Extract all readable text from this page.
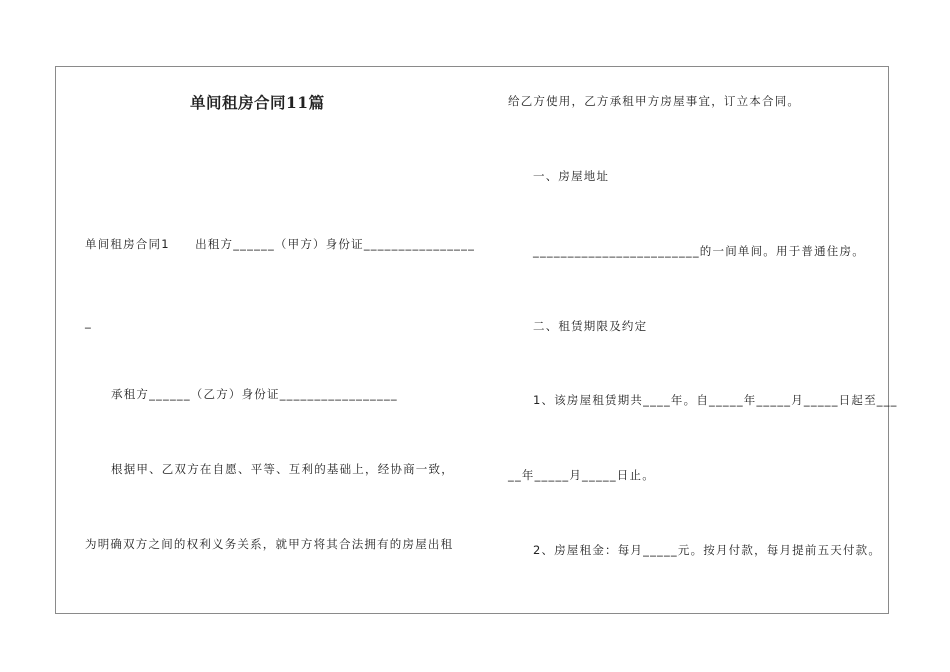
单间租房合同11篇
单间租房合同1　　出租方______（甲方）身份证________________
_
承租方______（乙方）身份证_________________
根据甲、乙双方在自愿、平等、互利的基础上，经协商一致，
为明确双方之间的权利义务关系，就甲方将其合法拥有的房屋出租
给乙方使用，乙方承租甲方房屋事宜，订立本合同。
一、房屋地址
________________________的一间单间。用于普通住房。
二、租赁期限及约定
1、该房屋租赁期共____年。自_____年_____月_____日起至___
__年_____月_____日止。
2、房屋租金：每月_____元。按月付款，每月提前五天付款。
